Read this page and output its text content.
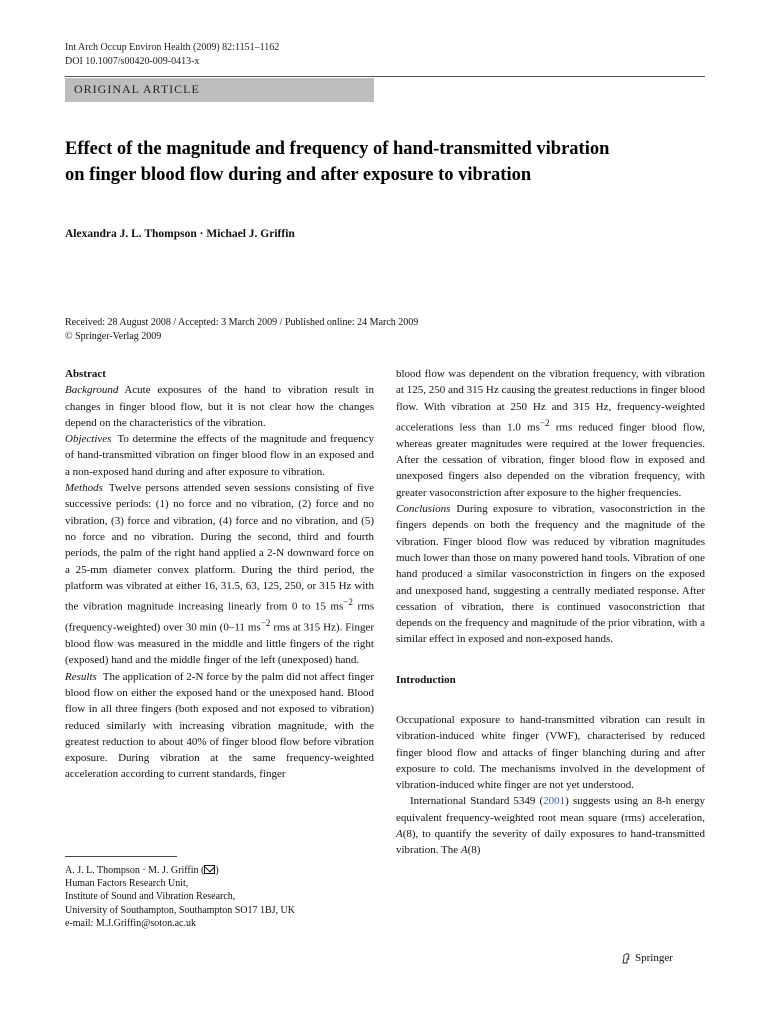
Int Arch Occup Environ Health (2009) 82:1151–1162
DOI 10.1007/s00420-009-0413-x
ORIGINAL ARTICLE
Effect of the magnitude and frequency of hand-transmitted vibration on finger blood flow during and after exposure to vibration
Alexandra J. L. Thompson · Michael J. Griffin
Received: 28 August 2008 / Accepted: 3 March 2009 / Published online: 24 March 2009
© Springer-Verlag 2009

Abstract

Background Acute exposures of the hand to vibration result in changes in finger blood flow, but it is not clear how the changes depend on the characteristics of the vibration.

Objectives To determine the effects of the magnitude and frequency of hand-transmitted vibration on finger blood flow in an exposed and a non-exposed hand during and after exposure to vibration.

Methods Twelve persons attended seven sessions consisting of five successive periods: (1) no force and no vibration, (2) force and no vibration, (3) force and vibration, (4) force and no vibration, and (5) no force and no vibration. During the second, third and fourth periods, the palm of the right hand applied a 2-N downward force on a 25-mm diameter convex platform. During the third period, the platform was vibrated at either 16, 31.5, 63, 125, 250, or 315 Hz with the vibration magnitude increasing linearly from 0 to 15 $ms^{-2}$ rms (frequency-weighted) over 30 min (0–11 $ms^{-2}$ rms at 315 Hz). Finger blood flow was measured in the middle and little fingers of the right (exposed) hand and the middle finger of the left (unexposed) hand.

Results The application of 2-N force by the palm did not affect finger blood flow on either the exposed hand or the unexposed hand. Blood flow in all three fingers (both exposed and not exposed to vibration) reduced similarly with increasing vibration magnitude, with the greatest reduction to about 40% of finger blood flow before vibration exposure. During vibration at the same frequency-weighted acceleration according to current standards, finger

blood flow was dependent on the vibration frequency, with vibration at 125, 250 and 315 Hz causing the greatest reductions in finger blood flow. With vibration at 250 Hz and 315 Hz, frequency-weighted accelerations less than 1.0 $ms^{-2}$ rms reduced finger blood flow, whereas greater magnitudes were required at the lower frequencies. After the cessation of vibration, finger blood flow in exposed and unexposed fingers also depended on the vibration frequency, with greater vasoconstriction after exposure to the higher frequencies.

Conclusions During exposure to vibration, vasoconstriction in the fingers depends on both the frequency and the magnitude of the vibration. Finger blood flow was reduced by vibration magnitudes much lower than those on many powered hand tools. Vibration of one hand produced a similar vasoconstriction in fingers on the exposed and unexposed hand, suggesting a centrally mediated response. After cessation of vibration, there is continued vasoconstriction that depends on the frequency and magnitude of the prior vibration, with a similar effect in exposed and non-exposed hands.

Introduction

Occupational exposure to hand-transmitted vibration can result in vibration-induced white finger (VWF), characterised by reduced finger blood flow and attacks of finger blanching during and after exposure to cold. The mechanisms involved in the development of vibration-induced white finger are not yet understood.

International Standard 5349 (2001) suggests using an 8-h energy equivalent frequency-weighted root mean square (rms) acceleration, A(8), to quantify the severity of daily exposures to hand-transmitted vibration. The A(8)

A. J. L. Thompson · M. J. Griffin ( )
Human Factors Research Unit,
Institute of Sound and Vibration Research,
University of Southampton, Southampton SO17 1BJ, UK
e-mail: M.J.Griffin@soton.ac.uk
Springer
